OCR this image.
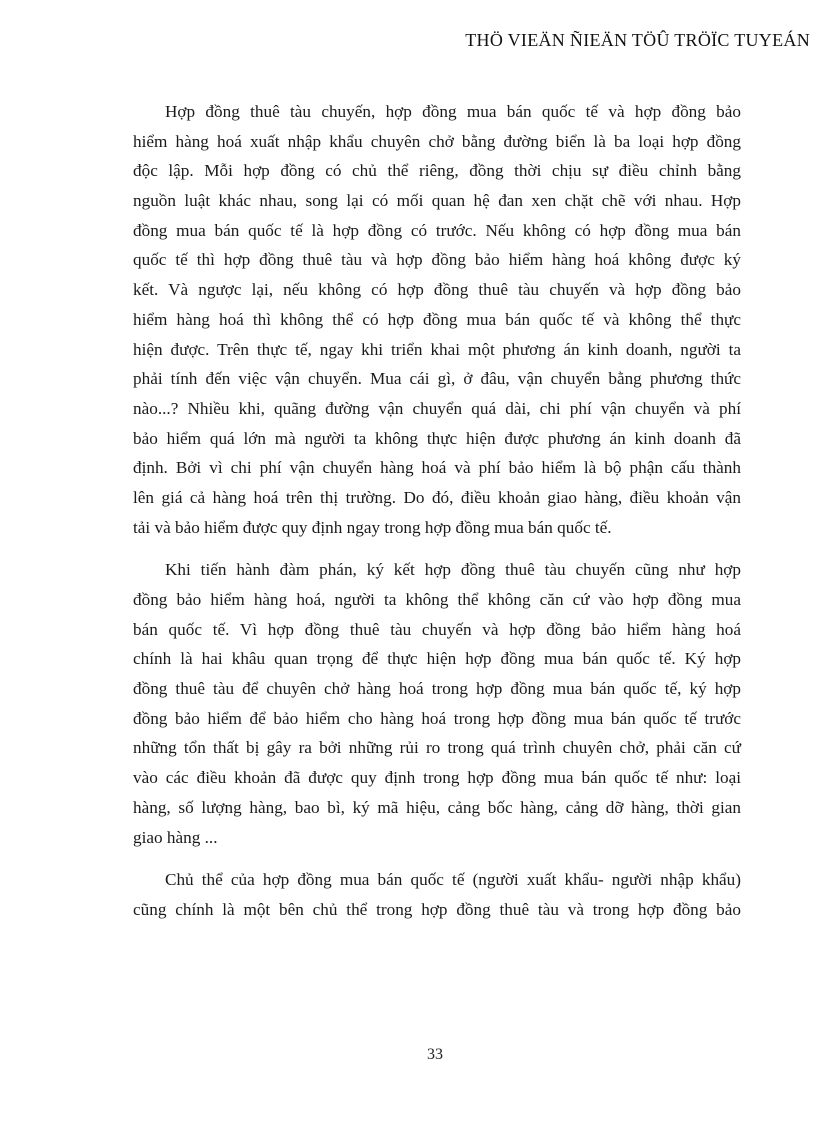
THÖ VIEÄN ÑIEÄN TÖÛ TRÖÏC TUYEÁN
Hợp đồng thuê tàu chuyến, hợp đồng mua bán quốc tế và hợp đồng bảo
hiểm hàng hoá xuất nhập khẩu chuyên chở bằng đường biển là ba loại hợp đồng
độc lập. Mỗi hợp đồng có chủ thể riêng, đồng thời chịu sự điều chỉnh bằng
nguồn luật khác nhau, song lại có mối quan hệ đan xen chặt chẽ với nhau. Hợp
đồng mua bán quốc tế là hợp đồng có trước. Nếu không có hợp đồng mua bán
quốc tế thì hợp đồng thuê tàu và hợp đồng bảo hiểm hàng hoá không được ký
kết. Và ngược lại, nếu không có hợp đồng thuê tàu chuyến và hợp đồng bảo
hiểm hàng hoá thì không thể có hợp đồng mua bán quốc tế và không thể thực
hiện được. Trên thực tế, ngay khi triển khai một phương án kinh doanh, người ta
phải tính đến việc vận chuyển. Mua cái gì, ở đâu, vận chuyển bằng phương thức
nào...? Nhiều khi, quãng đường vận chuyển quá dài, chi phí vận chuyển và phí
bảo hiểm quá lớn mà người ta không thực hiện được phương án kinh doanh đã
định. Bởi vì chi phí vận chuyển hàng hoá và phí bảo hiểm là bộ phận cấu thành
lên giá cả hàng hoá trên thị trường. Do đó, điều khoản giao hàng, điều khoản vận
tải và bảo hiểm được quy định ngay trong hợp đồng mua bán quốc tế.
Khi tiến hành đàm phán, ký kết hợp đồng thuê tàu chuyến cũng như hợp
đồng bảo hiểm hàng hoá, người ta không thể không căn cứ vào hợp đồng mua
bán quốc tế. Vì hợp đồng thuê tàu chuyến và hợp đồng bảo hiểm hàng hoá
chính là hai khâu quan trọng để thực hiện hợp đồng mua bán quốc tế. Ký hợp
đồng thuê tàu để chuyên chở hàng hoá trong hợp đồng mua bán quốc tế, ký hợp
đồng bảo hiểm để bảo hiểm cho hàng hoá trong hợp đồng mua bán quốc tế trước
những tổn thất bị gây ra bởi những rủi ro trong quá trình chuyên chở, phải căn cứ
vào các điều khoản đã được quy định trong hợp đồng mua bán quốc tế như: loại
hàng, số lượng hàng, bao bì, ký mã hiệu, cảng bốc hàng, cảng dỡ hàng, thời gian
giao hàng ...
Chủ thể của hợp đồng mua bán quốc tế (người xuất khẩu- người nhập khẩu)
cũng chính là một bên chủ thể trong hợp đồng thuê tàu và trong hợp đồng bảo
33
